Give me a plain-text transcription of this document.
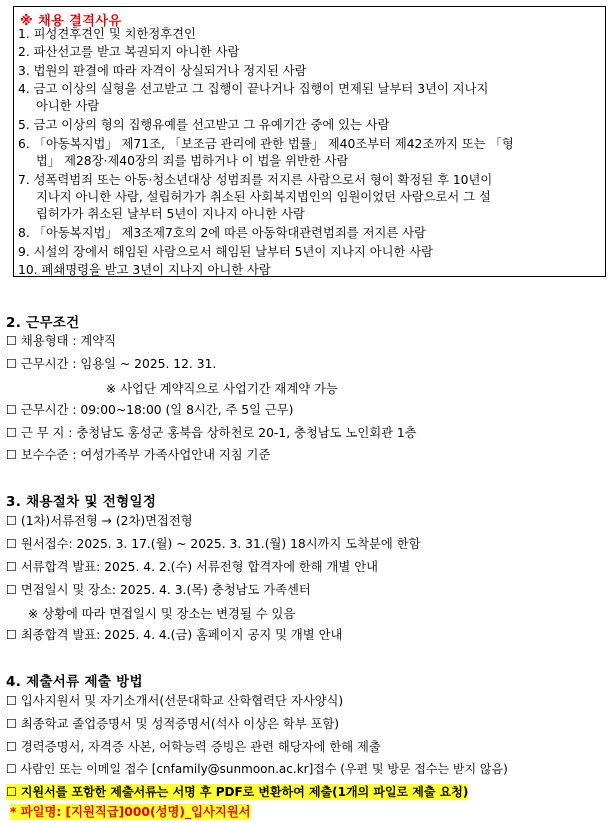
※ 채용 결격사유
1. 피성견후견인 및 치한정후견인
2. 파산선고를 받고 복권되지 아니한 사람
3. 법원의 판결에 따라 자격이 상실되거나 정지된 사람
4. 금고 이상의 실형을 선고받고 그 집행이 끝나거나 집행이 면제된 날부터 3년이 지나지
아니한 사람
5. 금고 이상의 형의 집행유예를 선고받고 그 유예기간 중에 있는 사람
6. 「아동복지법」 제71조, 「보조금 관리에 관한 법률」 제40조부터 제42조까지 또는 「형
법」 제28장·제40장의 죄를 범하거나 이 법을 위반한 사람
7. 성폭력범죄 또는 아동·청소년대상 성범죄를 저지른 사람으로서 형이 확정된 후 10년이
지나지 아니한 사람, 설립허가가 취소된 사회복지법인의 임원이었던 사람으로서 그 설
립허가가 취소된 날부터 5년이 지나지 아니한 사람
8. 「아동복지법」 제3조제7호의 2에 따른 아동학대관련범죄를 저지른 사람
9. 시설의 장에서 해임된 사람으로서 해임된 날부터 5년이 지나지 아니한 사람
10. 폐쇄명령을 받고 3년이 지나지 아니한 사람
2. 근무조건
☐ 채용형태 : 계약직
☐ 근무시간 : 임용일 ~ 2025. 12. 31.
※ 사업단 계약직으로 사업기간 재계약 가능
☐ 근무시간 : 09:00~18:00 (일 8시간, 주 5일 근무)
☐ 근 무 지 : 충청남도 홍성군 홍북읍 상하천로 20-1, 충청남도 노인회관 1층
☐ 보수수준 : 여성가족부 가족사업안내 지침 기준
3. 채용절차 및 전형일정
☐ (1차)서류전형 → (2차)면접전형
☐ 원서접수: 2025. 3. 17.(월) ~ 2025. 3. 31.(월) 18시까지 도착분에 한함
☐ 서류합격 발표: 2025. 4. 2.(수) 서류전형 합격자에 한해 개별 안내
☐ 면접일시 및 장소: 2025. 4. 3.(목) 충청남도 가족센터
※ 상황에 따라 면접일시 및 장소는 변경될 수 있음
☐ 최종합격 발표: 2025. 4. 4.(금) 홈페이지 공지 및 개별 안내
4. 제출서류 제출 방법
☐ 입사지원서 및 자기소개서(선문대학교 산학협력단 자사양식)
☐ 최종학교 졸업증명서 및 성적증명서(석사 이상은 학부 포함)
☐ 경력증명서, 자격증 사본, 어학능력 증빙은 관련 해당자에 한해 제출
☐ 사람인 또는 이메일 접수 [cnfamily@sunmoon.ac.kr]접수 (우편 및 방문 접수는 받지 않음)
☐ 지원서를 포함한 제출서류는 서명 후 PDF로 변환하여 제출(1개의 파일로 제출 요청)
* 파일명: [지원직급]000(성명)_입사지원서
